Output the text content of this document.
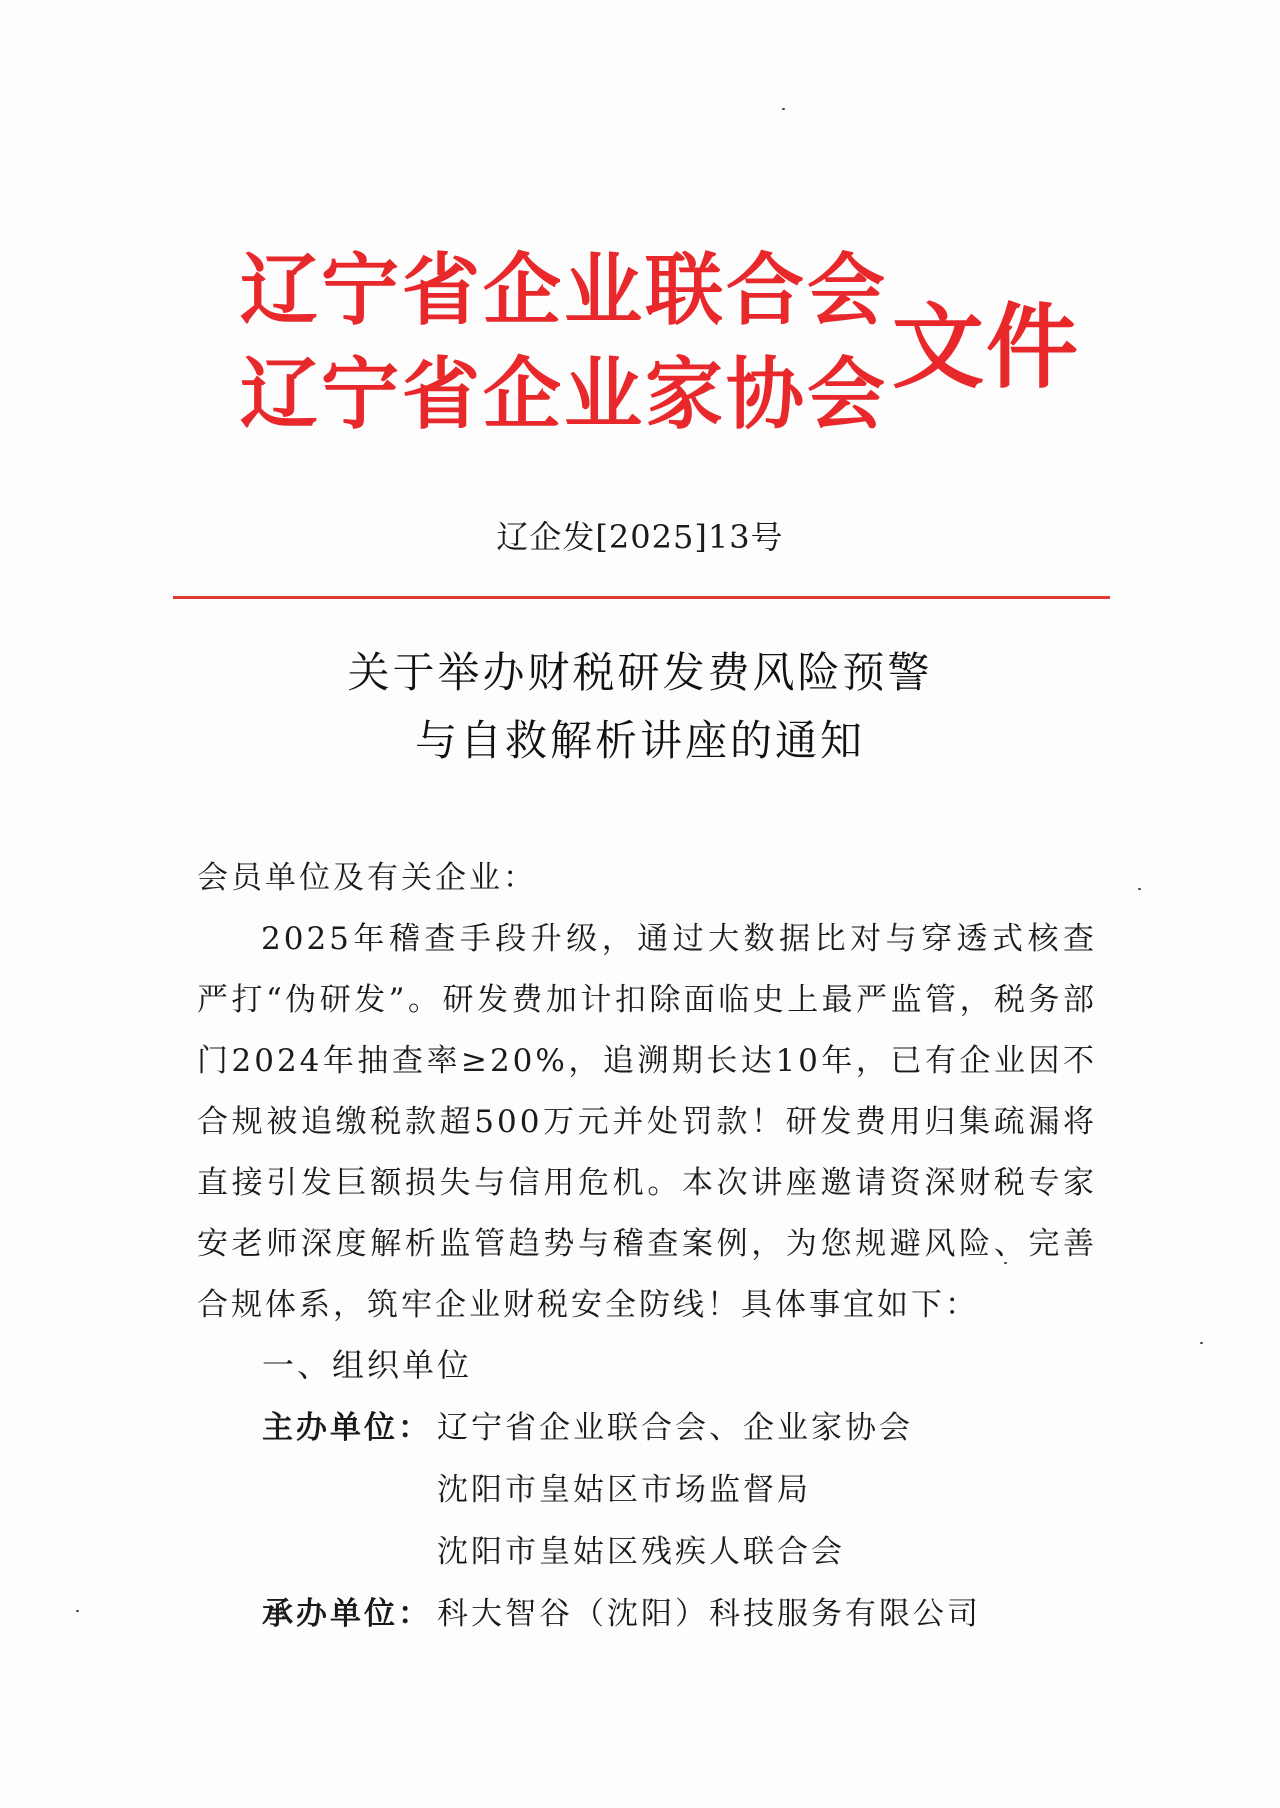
辽宁省企业联合会
辽宁省企业家协会 文件
辽企发[2025]13号
关于举办财税研发费风险预警
与自救解析讲座的通知

会员单位及有关企业：

2025年稽查手段升级，通过大数据比对与穿透式核查严打“伪研发”。研发费加计扣除面临史上最严监管，税务部门2024年抽查率≥20%，追溯期长达10年，已有企业因不合规被追缴税款超500万元并处罚款！研发费用归集疏漏将直接引发巨额损失与信用危机。本次讲座邀请资深财税专家安老师深度解析监管趋势与稽查案例，为您规避风险、完善合规体系，筑牢企业财税安全防线！具体事宜如下：

一、组织单位
主办单位： 辽宁省企业联合会、企业家协会
沈阳市皇姑区市场监督局
沈阳市皇姑区残疾人联合会
承办单位： 科大智谷（沈阳）科技服务有限公司
